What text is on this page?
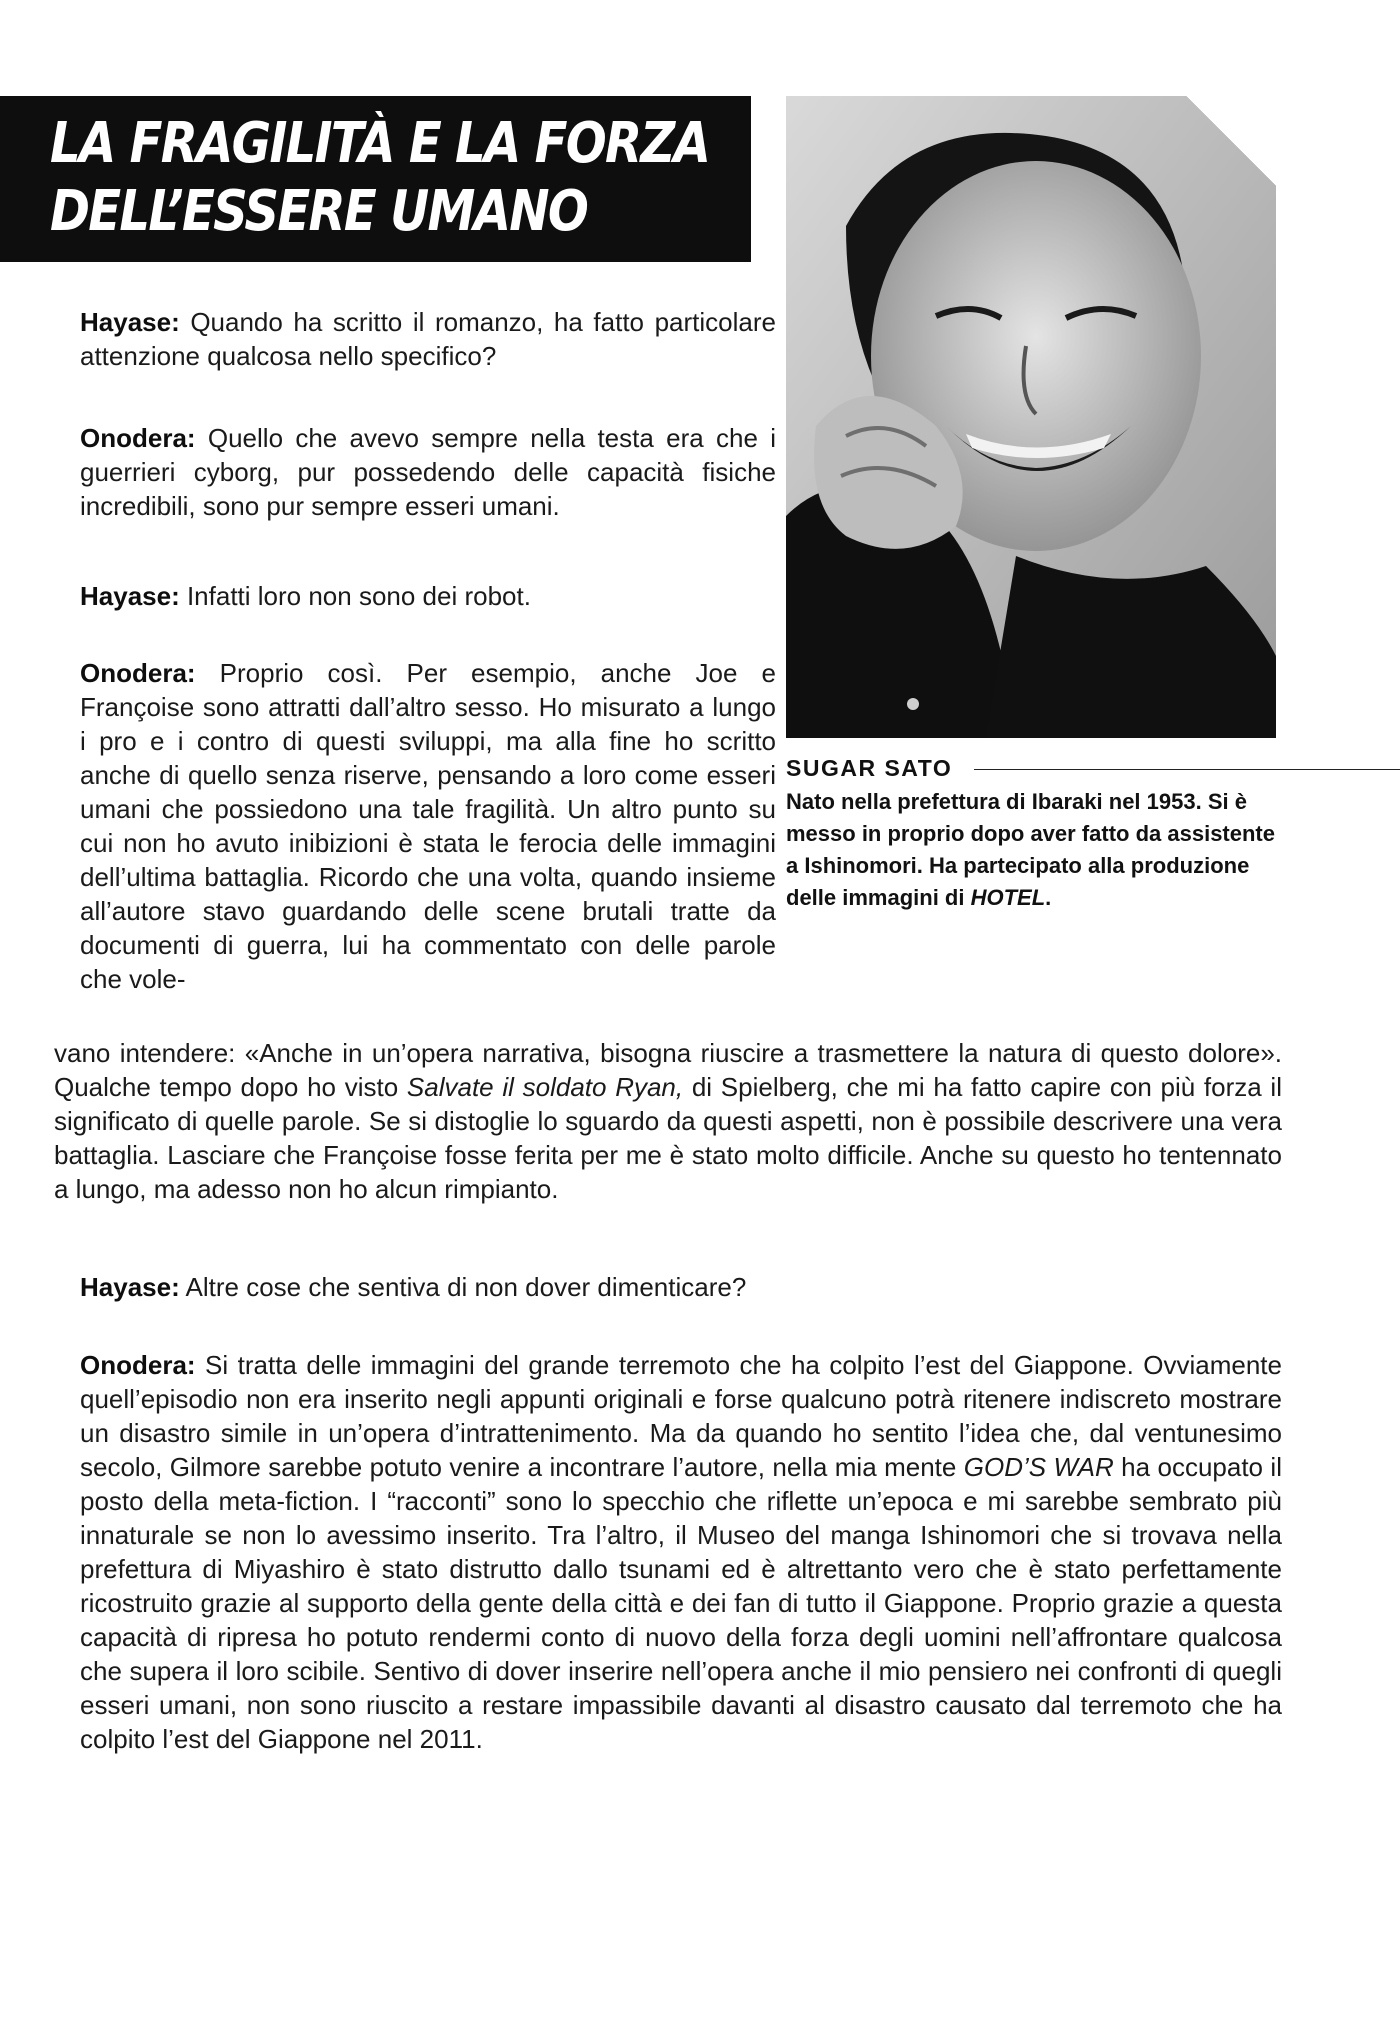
LA FRAGILITÀ E LA FORZA
DELL’ESSERE UMANO
SUGAR SATO
Nato nella prefettura di Ibaraki nel 1953. Si è messo in proprio dopo aver fatto da assistente a Ishinomori. Ha partecipato alla produzione delle immagini di HOTEL.

Hayase: Quando ha scritto il romanzo, ha fatto particolare attenzione qualcosa nello specifico?

Onodera: Quello che avevo sempre nella testa era che i guerrieri cyborg, pur possedendo delle capacità fisiche incredibili, sono pur sempre esseri umani.

Hayase: Infatti loro non sono dei robot.

Onodera: Proprio così. Per esempio, anche Joe e Françoise sono attratti dall’altro sesso. Ho misurato a lungo i pro e i contro di questi sviluppi, ma alla fine ho scritto anche di quello senza riserve, pensando a loro come esseri umani che possiedono una tale fragilità. Un altro punto su cui non ho avuto inibizioni è stata le ferocia delle immagini dell’ultima battaglia. Ricordo che una volta, quando insieme all’autore stavo guardando delle scene brutali tratte da documenti di guerra, lui ha commentato con delle parole che vole-

vano intendere: «Anche in un’opera narrativa, bisogna riuscire a trasmettere la natura di questo dolore». Qualche tempo dopo ho visto Salvate il soldato Ryan, di Spielberg, che mi ha fatto capire con più forza il significato di quelle parole. Se si distoglie lo sguardo da questi aspetti, non è possibile descrivere una vera battaglia. Lasciare che Françoise fosse ferita per me è stato molto difficile. Anche su questo ho tentennato a lungo, ma adesso non ho alcun rimpianto.

Hayase: Altre cose che sentiva di non dover dimenticare?

Onodera: Si tratta delle immagini del grande terremoto che ha colpito l’est del Giappone. Ovviamente quell’episodio non era inserito negli appunti originali e forse qualcuno potrà ritenere indiscreto mostrare un disastro simile in un’opera d’intrattenimento. Ma da quando ho sentito l’idea che, dal ventunesimo secolo, Gilmore sarebbe potuto venire a incontrare l’autore, nella mia mente GOD’S WAR ha occupato il posto della meta-fiction. I “racconti” sono lo specchio che riflette un’epoca e mi sarebbe sembrato più innaturale se non lo avessimo inserito. Tra l’altro, il Museo del manga Ishinomori che si trovava nella prefettura di Miyashiro è stato distrutto dallo tsunami ed è altrettanto vero che è stato perfettamente ricostruito grazie al supporto della gente della città e dei fan di tutto il Giappone. Proprio grazie a questa capacità di ripresa ho potuto rendermi conto di nuovo della forza degli uomini nell’affrontare qualcosa che supera il loro scibile. Sentivo di dover inserire nell’opera anche il mio pensiero nei confronti di quegli esseri umani, non sono riuscito a restare impassibile davanti al disastro causato dal terremoto che ha colpito l’est del Giappone nel 2011.
